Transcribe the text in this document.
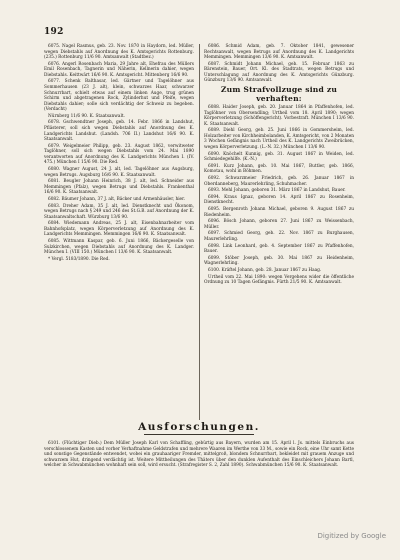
192

6075. Nagel Rasmus, geb. 23. Nov. 1870 in Haydorn, led. Müller, wegen Diebstahls auf Anordnung des K. Amtsgerichts Rottenburg. (235.) Rottenburg 11/6 90. Amtsanwalt (Stadtbez.)

6076. Angerl Rosenbach Maria, 29 Jahre alt, Ehefrau des Müllers Emil Rosenbach, Tagnerin und Näherin, Kellnerin dahier, wegen Diebstahls. Keittwärt 16/6 90. K. Amtsgericht. Mittenberg 16/6 90.

6077. Schenk Balthasar, led. Gärtner und Tagelöhner aus Sommerhausen (23 J. alt), klein, schwarzes Haar, schwarzer Schnurrbart, schielt etwas auf einem linken Auge, trug grünen Schirm und abgetragenen Rock, Zylinderhut und Pfeife, wegen Diebstahls dahier; solle sich verdächtig der Schweiz zu begeben. (Verdacht)

Nürnberg 11/6 90. K. Staatsanwalt.

6078. Gschwendtner Joseph, geb. 14. Febr. 1866 in Landshut, Pflästerer, soll sich wegen Diebstahls auf Anordnung des K. Landgerichts Landshut. (Landsh. 706 II.) Landshut 16/6 90. K. Staatsanwalt.

6079. Weigelmeier Philipp, geb. 23. August 1862, verwitweter Taglöhner, soll sich wegen Diebstahls vom 24. Mai 1890 verantworten auf Anordnung des K. Landgerichts München I. (IV. 475.) München I 15/6 90. Die Red.

6080. Wagner August, 24 J. alt, led. Tagelöhner aus Augsburg, wegen Betrugs. Augsburg 16/6 90. K. Staatsanwalt.

6081. Beugler Johann Heinrich, 38 J. alt, led. Schneider aus Memmingen (Pfalz), wegen Betrugs und Diebstahls. Frankenthal 16/6 90. K. Staatsanwalt.

6082. Bäumer Johann, 37 J. alt, Bäcker und Armenhäusler, hier.

6083. Dreher Adam, 35 J. alt, led. Dienstknecht und Ökonom, wegen Betrugs nach § 249 und 246 des St.G.B. auf Anordnung der K. Staatsanwaltschaft. Würzburg 13/6 90.

6084. Wiedemann Andreas, 25 J. alt, Eisenbahnarbeiter vom Bahnhofsplatz, wegen Körperverletzung auf Anordnung des K. Landgerichts Memmingen. Memmingen 16/6 90. K. Staatsanwalt.

6085. Wittmann Kaspar, geb. 6. Juni 1866, Bäckergeselle von Sulzkirchen, wegen Diebstahls auf Anordnung des K. Landger. München I. (VIII 150.) München I 13/6 90. K. Staatsanwalt.

* Vergl. 5183/1890. Die Red.

6086. Schmid Adam, geb. 7. Oktober 1841, gewesener Rechtsanwalt, wegen Betrugs auf Anordnung des K. Landgerichts Memmingen. Memmingen 13/6 90. K. Amtsanwalt.

6087. Schmidt Johann Michael, geb. 15. Februar 1863 zu Bärenstein, Bauer, Ort. Kl. des Stadtrats, wegen Betrugs und Unterschlagung auf Anordnung des K. Amtsgerichts Günzburg. Günzburg 13/6 90. Amtsanwalt.

Zum Strafvollzuge sind zu verhaften:

6088. Haider Joseph, geb. 20. Januar 1864 in Pfaffenhofen, led. Taglöhner von Obersendling; Urtheil vom 18. April 1890; wegen Körperverletzung (Schöffengericht). Vorbestraft. München I 13/6 90. K. Staatsanwalt.

6089. Diehl Georg, geb. 25. Juni 1866 in Gommersheim, led. Holzarbeiter von Kirchheimbolanden, K. Amtsgericht, von 2 Monaten 3 Wochen Gefängnis nach Urtheil des K. Landgerichts Zweibrücken, wegen Körperverletzung. (L.-N. 32.) München I 13/6 90.

6090. Knöchelt Kunnig, geb. 31. August 1867 in Weiden, led. Schmiedegehilfe. (K.-N.)

6091. Kurz Johann, geb. 10. Mai 1867, Buttler, geb. 1866, Komotau, wohl in Böhmen.

6092. Schwarzmeier Friedrich, geb. 26. Januar 1867 in Oberdanneberg, Maurerlehrling, Schuhmacher.

6093. Mehl Johann, geboren 31. März 1867 in Landshut, Bauer.

6094. Kraus Ignaz, geboren 14. April 1867 zu Rosenheim, Dienstknecht.

6095. Bergenroth Johann Michael, geboren 9. August 1867 zu Riedenheim.

6096. Bösch Johann, geboren 27. Juni 1867 zu Weissenbach, Müller.

6097. Schmied Georg, geb. 22. Nov. 1867 zu Burghausen, Maurerlehrling.

6098. Link Leonhard, geb. 4. September 1867 zu Pfaffenhofen, Bauer.

6099. Stöber Joseph, geb. 30. Mai 1867 zu Heidenheim, Wagnerlehrling.

6100. Kräftel Johann, geb. 28. Januar 1867 zu Haag.

Urtheil vom 22. Mai 1890: wegen Vergehens wider die öffentliche Ordnung zu 10 Tagen Gefängnis. Fürth 21/5 90. K. Amtsanwalt.

Ausforschungen.

6101. (Flüchtiger Dieb.) Dem Müller Joseph Karl von Schaffling, gebürtig aus Bayern, wurden am 15. April l. Js. mittels Einbruchs aus verschlossenem Kasten und vorher Verhaftnahme Geldstrafen und mehrere Waaren im Werthe von 33 M., sowie ein Rock, eine Uhr samt Kette und sonstige Gegenstände entwendet, wobei ein grauhaariger Fremder, mittelgroß, blondem Schnurrbart, bekleidet mit grauem Anzuge und schwarzem Hut, dringend verdächtig ist. Weitere Mittheilungen des Thäters über den dunklen Aufenthalt des Einschleichers Johann Bartl, welcher in Schwabmünchen wohnhaft sein soll, wird ersucht. (Strafregister S. 2, Zahl 1890). Schwabmünchen 15/6 90. K. Staatsanwalt.

Digitized by Google
